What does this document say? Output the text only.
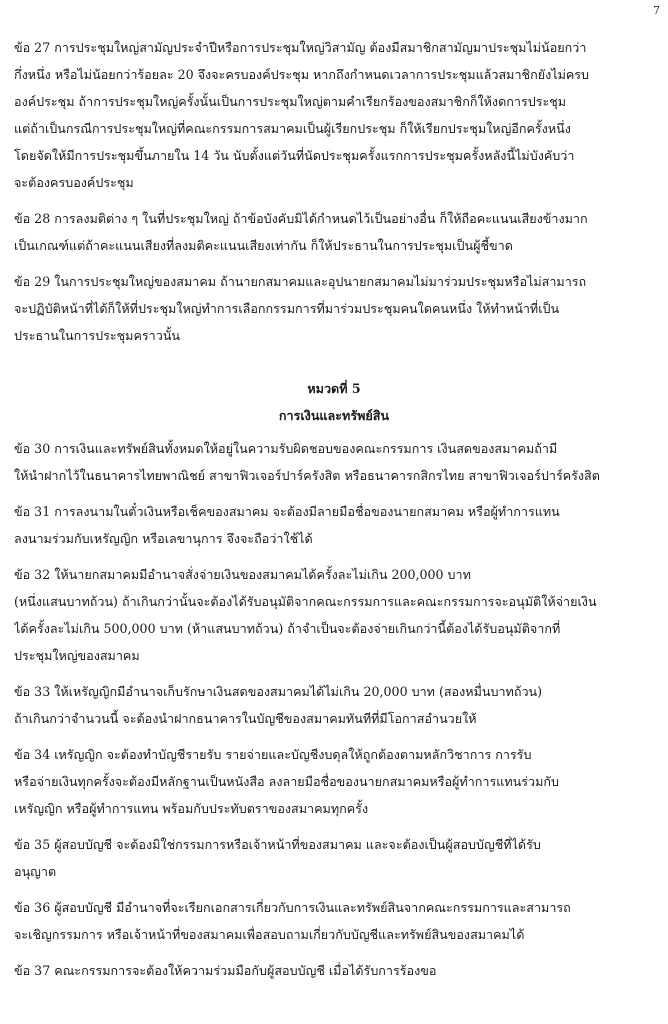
7
ข้อ 27 การประชุมใหญ่สามัญประจำปีหรือการประชุมใหญ่วิสามัญ ต้องมีสมาชิกสามัญมาประชุมไม่น้อยกว่า
กึ่งหนึ่ง หรือไม่น้อยกว่าร้อยละ 20 จึงจะครบองค์ประชุม หากถึงกำหนดเวลาการประชุมแล้วสมาชิกยังไม่ครบ
องค์ประชุม ถ้าการประชุมใหญ่ครั้งนั้นเป็นการประชุมใหญ่ตามคำเรียกร้องของสมาชิกก็ให้งดการประชุม
แต่ถ้าเป็นกรณีการประชุมใหญ่ที่คณะกรรมการสมาคมเป็นผู้เรียกประชุม ก็ให้เรียกประชุมใหญ่อีกครั้งหนึ่ง
โดยจัดให้มีการประชุมขึ้นภายใน 14 วัน นับตั้งแต่วันที่นัดประชุมครั้งแรกการประชุมครั้งหลังนี้ไม่บังคับว่า
จะต้องครบองค์ประชุม
ข้อ 28 การลงมติต่าง ๆ ในที่ประชุมใหญ่ ถ้าข้อบังคับมิได้กำหนดไว้เป็นอย่างอื่น ก็ให้ถือคะแนนเสียงข้างมาก
เป็นเกณฑ์แต่ถ้าคะแนนเสียงที่ลงมติคะแนนเสียงเท่ากัน ก็ให้ประธานในการประชุมเป็นผู้ชี้ขาด
ข้อ 29 ในการประชุมใหญ่ของสมาคม ถ้านายกสมาคมและอุปนายกสมาคมไม่มาร่วมประชุมหรือไม่สามารถ
จะปฏิบัติหน้าที่ได้ก็ให้ที่ประชุมใหญ่ทำการเลือกกรรมการที่มาร่วมประชุมคนใดคนหนึ่ง ให้ทำหน้าที่เป็น
ประธานในการประชุมคราวนั้น
หมวดที่ 5
การเงินและทรัพย์สิน
ข้อ 30 การเงินและทรัพย์สินทั้งหมดให้อยู่ในความรับผิดชอบของคณะกรรมการ เงินสดของสมาคมถ้ามี
ให้นำฝากไว้ในธนาคารไทยพาณิชย์ สาขาฟิวเจอร์ปาร์ครังสิต หรือธนาคารกสิกรไทย สาขาฟิวเจอร์ปาร์ครังสิต
ข้อ 31 การลงนามในตั๋วเงินหรือเช็คของสมาคม จะต้องมีลายมือชื่อของนายกสมาคม หรือผู้ทำการแทน
ลงนามร่วมกับเหรัญญิก หรือเลขานุการ จึงจะถือว่าใช้ได้
ข้อ 32 ให้นายกสมาคมมีอำนาจสั่งจ่ายเงินของสมาคมได้ครั้งละไม่เกิน 200,000 บาท
(หนึ่งแสนบาทถ้วน) ถ้าเกินกว่านั้นจะต้องได้รับอนุมัติจากคณะกรรมการและคณะกรรมการจะอนุมัติให้จ่ายเงิน
ได้ครั้งละไม่เกิน 500,000 บาท (ห้าแสนบาทถ้วน) ถ้าจำเป็นจะต้องจ่ายเกินกว่านี้ต้องได้รับอนุมัติจากที่
ประชุมใหญ่ของสมาคม
ข้อ 33 ให้เหรัญญิกมีอำนาจเก็บรักษาเงินสดของสมาคมได้ไม่เกิน 20,000 บาท (สองหมื่นบาทถ้วน)
ถ้าเกินกว่าจำนวนนี้ จะต้องนำฝากธนาคารในบัญชีของสมาคมทันทีที่มีโอกาสอำนวยให้
ข้อ 34 เหรัญญิก จะต้องทำบัญชีรายรับ รายจ่ายและบัญชีงบดุลให้ถูกต้องตามหลักวิชาการ การรับ
หรือจ่ายเงินทุกครั้งจะต้องมีหลักฐานเป็นหนังสือ ลงลายมือชื่อของนายกสมาคมหรือผู้ทำการแทนร่วมกับ
เหรัญญิก หรือผู้ทำการแทน พร้อมกับประทับตราของสมาคมทุกครั้ง
ข้อ 35 ผู้สอบบัญชี จะต้องมิใช่กรรมการหรือเจ้าหน้าที่ของสมาคม และจะต้องเป็นผู้สอบบัญชีที่ได้รับ
อนุญาต
ข้อ 36 ผู้สอบบัญชี มีอำนาจที่จะเรียกเอกสารเกี่ยวกับการเงินและทรัพย์สินจากคณะกรรมการและสามารถ
จะเชิญกรรมการ หรือเจ้าหน้าที่ของสมาคมเพื่อสอบถามเกี่ยวกับบัญชีและทรัพย์สินของสมาคมได้
ข้อ 37 คณะกรรมการจะต้องให้ความร่วมมือกับผู้สอบบัญชี เมื่อได้รับการร้องขอ
